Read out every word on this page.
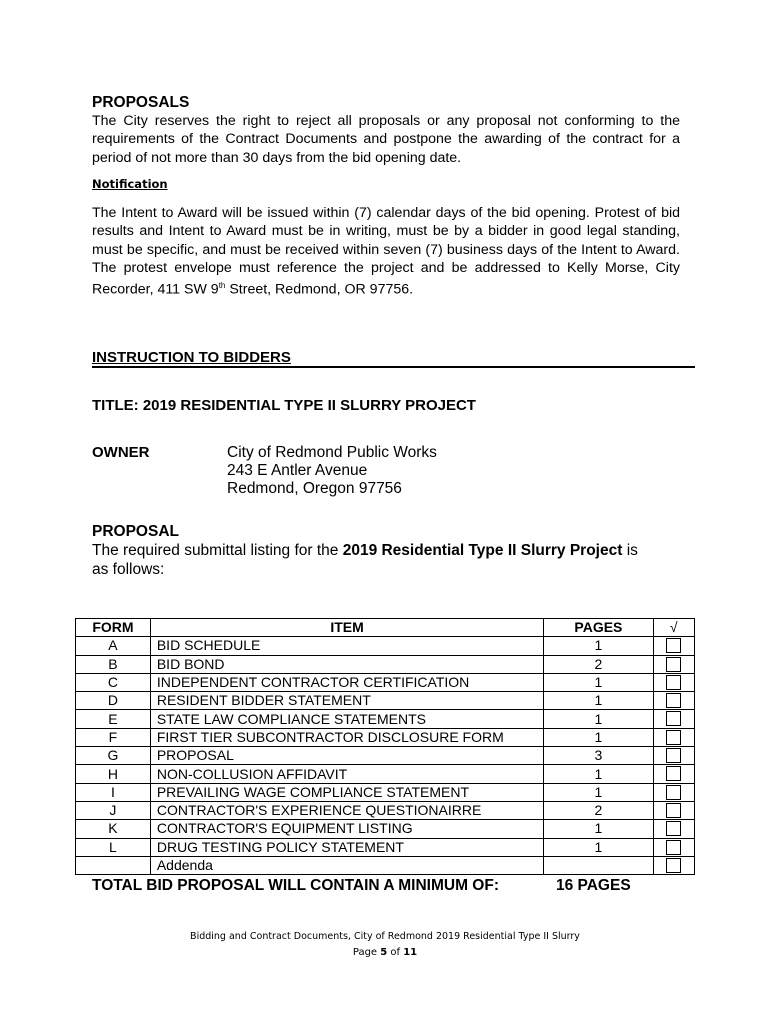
PROPOSALS
The City reserves the right to reject all proposals or any proposal not conforming to the requirements of the Contract Documents and postpone the awarding of the contract for a period of not more than 30 days from the bid opening date.
Notification
The Intent to Award will be issued within (7) calendar days of the bid opening. Protest of bid results and Intent to Award must be in writing, must be by a bidder in good legal standing, must be specific, and must be received within seven (7) business days of the Intent to Award. The protest envelope must reference the project and be addressed to Kelly Morse, City Recorder, 411 SW 9th Street, Redmond, OR 97756.
INSTRUCTION TO BIDDERS
TITLE: 2019 RESIDENTIAL TYPE II SLURRY PROJECT
OWNER	City of Redmond Public Works
243 E Antler Avenue
Redmond, Oregon 97756
PROPOSAL
The required submittal listing for the 2019 Residential Type II Slurry Project is as follows:
FORM	ITEM	PAGES	√
A	BID SCHEDULE	1	
B	BID BOND	2	
C	INDEPENDENT CONTRACTOR CERTIFICATION	1	
D	RESIDENT BIDDER STATEMENT	1	
E	STATE LAW COMPLIANCE STATEMENTS	1	
F	FIRST TIER SUBCONTRACTOR DISCLOSURE FORM	1	
G	PROPOSAL	3	
H	NON-COLLUSION AFFIDAVIT	1	
I	PREVAILING WAGE COMPLIANCE STATEMENT	1	
J	CONTRACTOR'S EXPERIENCE QUESTIONAIRRE	2	
K	CONTRACTOR'S EQUIPMENT LISTING	1	
L	DRUG TESTING POLICY STATEMENT	1	
	Addenda		
TOTAL BID PROPOSAL WILL CONTAIN A MINIMUM OF:	16 PAGES
Bidding and Contract Documents, City of Redmond 2019 Residential Type II Slurry
Page 5 of 11
